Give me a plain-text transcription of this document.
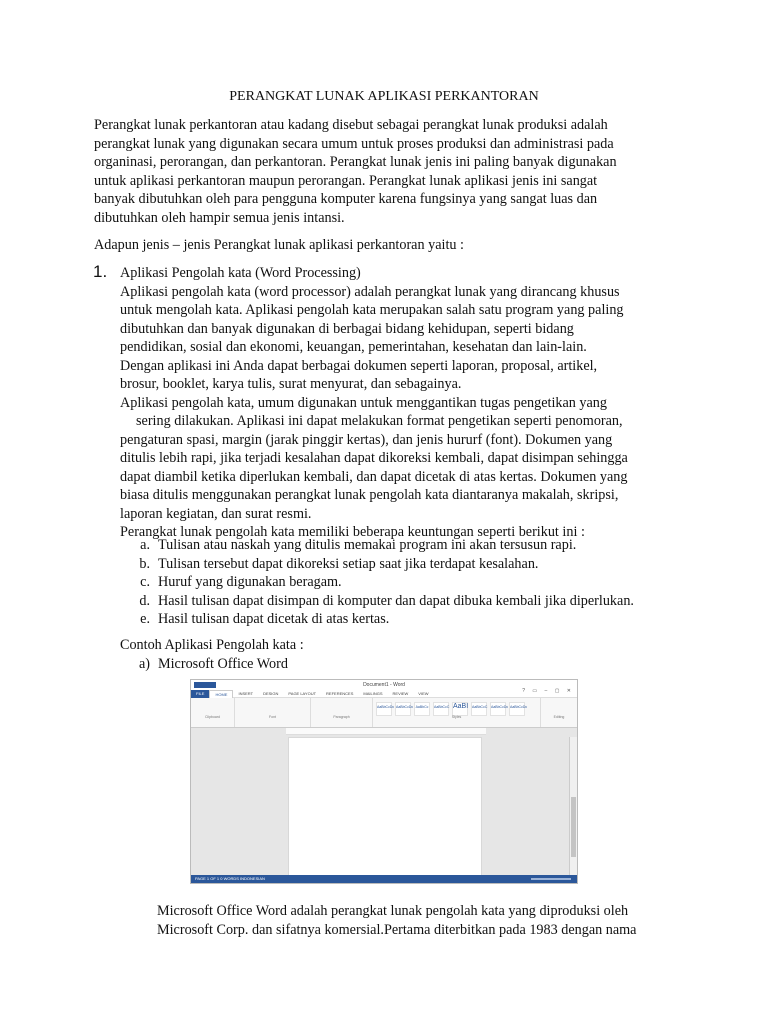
PERANGKAT LUNAK APLIKASI PERKANTORAN
Perangkat lunak perkantoran atau kadang disebut sebagai perangkat lunak produksi adalah
perangkat lunak yang digunakan secara umum untuk proses produksi dan administrasi pada
organinasi, perorangan, dan perkantoran. Perangkat lunak jenis ini paling banyak digunakan
untuk aplikasi perkantoran maupun perorangan. Perangkat lunak aplikasi jenis ini sangat
banyak dibutuhkan oleh para pengguna komputer karena fungsinya yang sangat luas dan
dibutuhkan oleh hampir semua jenis intansi.
Adapun jenis – jenis Perangkat lunak aplikasi perkantoran yaitu :
1. Aplikasi Pengolah kata (Word Processing)
Aplikasi pengolah kata (word processor) adalah perangkat lunak yang dirancang khusus
untuk mengolah kata. Aplikasi pengolah kata merupakan salah satu program yang paling
dibutuhkan dan banyak digunakan di berbagai bidang kehidupan, seperti bidang
pendidikan, sosial dan ekonomi, keuangan, pemerintahan, kesehatan dan lain-lain.
Dengan aplikasi ini Anda dapat berbagai dokumen seperti laporan, proposal, artikel,
brosur, booklet, karya tulis, surat menyurat, dan sebagainya.
Aplikasi pengolah kata, umum digunakan untuk menggantikan tugas pengetikan yang
sering dilakukan. Aplikasi ini dapat melakukan format pengetikan seperti penomoran,
pengaturan spasi, margin (jarak pinggir kertas), dan jenis hururf (font). Dokumen yang
ditulis lebih rapi, jika terjadi kesalahan dapat dikoreksi kembali, dapat disimpan sehingga
dapat diambil ketika diperlukan kembali, dan dapat dicetak di atas kertas. Dokumen yang
biasa ditulis menggunakan perangkat lunak pengolah kata diantaranya makalah, skripsi,
laporan kegiatan, dan surat resmi.
Perangkat lunak pengolah kata memiliki beberapa keuntungan seperti berikut ini :
a. Tulisan atau naskah yang ditulis memakai program ini akan tersusun rapi.
b. Tulisan tersebut dapat dikoreksi setiap saat jika terdapat kesalahan.
c. Huruf yang digunakan beragam.
d. Hasil tulisan dapat disimpan di komputer dan dapat dibuka kembali jika diperlukan.
e. Hasil tulisan dapat dicetak di atas kertas.
Contoh Aplikasi Pengolah kata :
a) Microsoft Office Word
Document1 - Word
? ▭ – ▢ ✕
FILE	HOME	INSERT	DESIGN	PAGE LAYOUT	REFERENCES	MAILINGS	REVIEW	VIEW
Clipboard	Font	Paragraph
AaBbCcDc AaBbCcDc AaBbCc	AaBbCcC AaBI AaBbCcC AaBbCcDc AaBbCcDc
Styles	Editing
PAGE 1 OF 1 0 WORDS INDONESIAN
Microsoft Office Word adalah perangkat lunak pengolah kata yang diproduksi oleh
Microsoft Corp. dan sifatnya komersial.Pertama diterbitkan pada 1983 dengan nama
